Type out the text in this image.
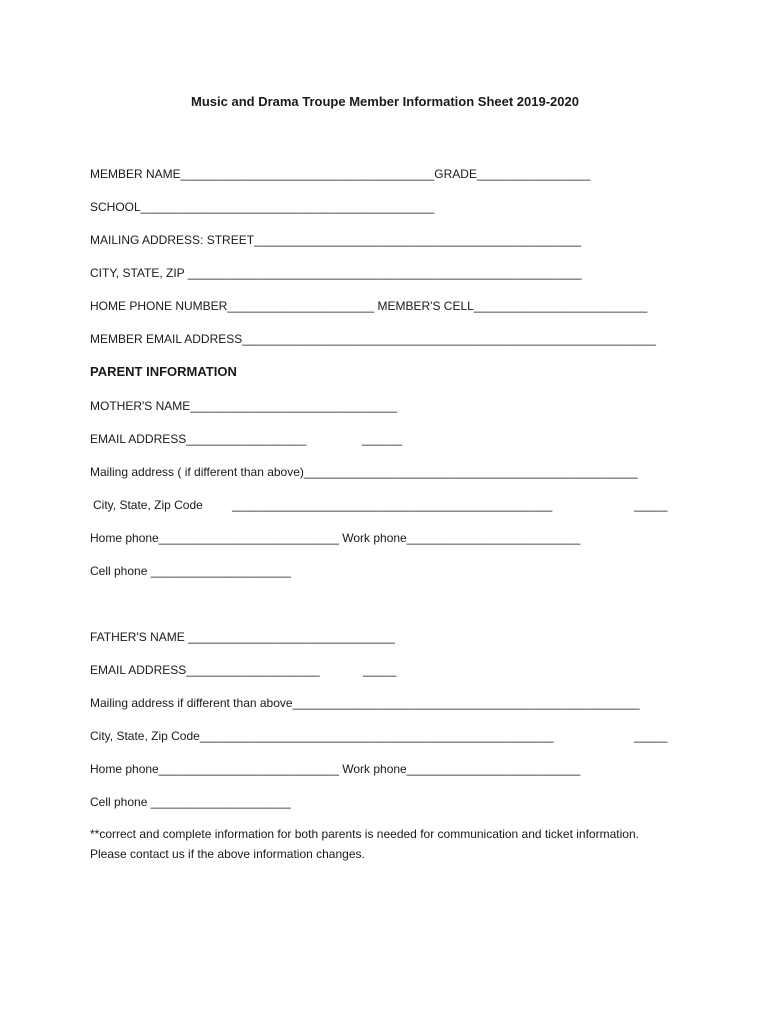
Music and Drama Troupe Member Information Sheet 2019-2020
MEMBER NAME______________________________________GRADE_________________
SCHOOL____________________________________________
MAILING ADDRESS: STREET_________________________________________________
CITY, STATE, ZIP ___________________________________________________________
HOME PHONE NUMBER______________________ MEMBER'S CELL__________________________
MEMBER EMAIL ADDRESS______________________________________________________________
PARENT INFORMATION
MOTHER'S NAME_______________________________
EMAIL ADDRESS__________________	______
Mailing address ( if different than above)__________________________________________________
City, State, Zip Code ________________________________________________	_____
Home phone___________________________ Work phone__________________________
Cell phone _____________________
FATHER'S NAME _______________________________
EMAIL ADDRESS____________________	_____
Mailing address if different than above____________________________________________________
City, State, Zip Code_____________________________________________________	_____
Home phone___________________________ Work phone__________________________
Cell phone _____________________
**correct and complete information for both parents is needed for communication and ticket information. Please contact us if the above information changes.
